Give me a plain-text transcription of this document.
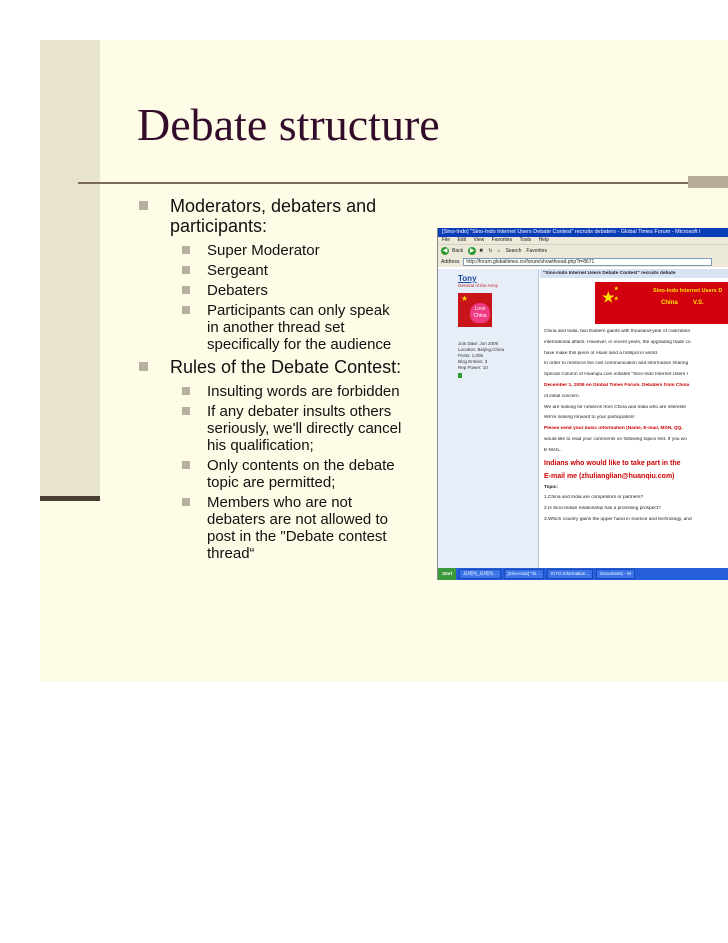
Debate structure
Moderators, debaters and participants:
Super Moderator
Sergeant
Debaters
Participants can only speak in another thread set specifically for the audience
Rules of the Debate Contest:
Insulting words are forbidden
If any debater insults others seriously, we'll directly cancel his qualification;
Only contents on the debate topic are permitted;
Members who are not debaters are not allowed to post in the "Debate contest thread“
[Sino-Indo] "Sino-Indo Internet Users Debate Contest" recruits debaters - Global Times Forum - Microsoft I
File Edit View Favorites Tools Help
◀ Back ▶ ✖ ↻ ⌂ Search Favorites
Address	http://forum.globaltimes.cn/forum/showthread.php?t=8671
Tony
General of the Army
★
Love China
Join Date: Jun 2009
Location: Beijing,China
Posts: 1,006
Blog Entries: 3
Rep Power: 10
"Sino-Indo Internet Users Debate Contest" recruits debate
★ ★
★
Sino-Indo Internet Users D
China	V.S.
China and India, two Eastern giants with thousand-year of civilization
international affairs. However, in recent years, the upgrading trade co
have make this piece of Asian land a hotspot in world.
In order to reinforce the civil communication and information sharing
Special Column of Huanqiu.com initiates "Sino-Indo Internet Users I
December 1, 2009 on Global Times Forum. Debaters from China
of initial concern.
We are looking for netizens from China and India who are intereste
We're looking forward to your participation!
Please send your basic information (Name, E-mail, MSN, QQ,
would like to read your comments on following topics first. If you wo
E-MAIL.
Indians who would like to take part in the
E-mail me (zhulianglian@huanqiu.com)
Topic:
1.China and India are competitors or partners?
2.Is Sino-Indian relationship has a promising prospect?
3.Which country gains the upper hand in science and technology, and
Start	局域网_局域网...	[Sino-Indo] "Si...	ICTO Information...	Document1 - M
